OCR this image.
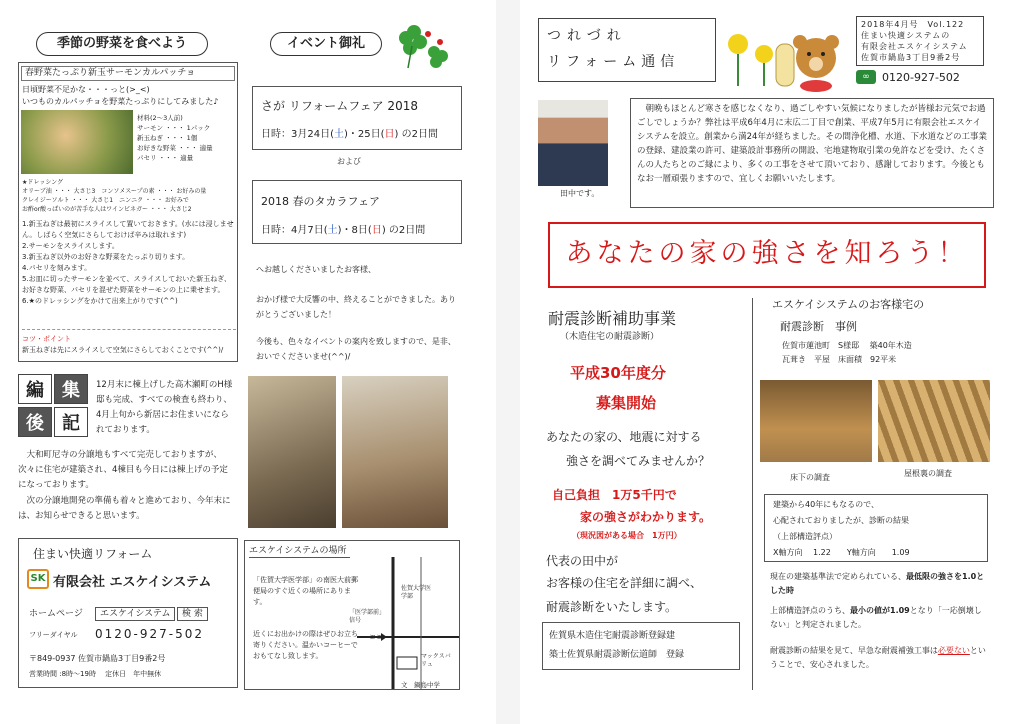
季節の野菜を食べよう
春野菜たっぷり新玉サーモンカルパッチョ
日頃野菜不足かな・・・っと(>_<)
いつものカルパッチョを野菜たっぷりにしてみました♪
材料(2〜3人前)
サーモン ・・・ 1パック
新玉ねぎ ・・・ 1個
お好きな野菜 ・・・ 適量
パセリ ・・・ 適量
★ドレッシング
オリーブ油 ・・・ 大さじ3　コンソメスープの素 ・・・ お好みの量
クレイジーソルト ・・・ 大さじ1　ニンニク ・・・ お好みで
お酢or酸っぱいのが苦手な人はワインビネガー ・・・ 大さじ2
1.新玉ねぎは最初にスライスして置いておきます。(水には浸しません。しばらく空気にさらしておけば辛みは取れます)
2.サーモンをスライスします。
3.新玉ねぎ以外のお好きな野菜をたっぷり切ります。
4.パセリを刻みます。
5.お皿に切ったサーモンを並べて、スライスしておいた新玉ねぎ、お好きな野菜、パセリを混ぜた野菜をサーモンの上に乗せます。
6.★のドレッシングをかけて出来上がりです(^^)
コツ・ポイント
新玉ねぎは先にスライスして空気にさらしておくことです(^^)/
編	集
後	記
12月末に棟上げした高木瀬町のH様邸も完成、すべての検査も終わり、4月上旬から新居にお住まいになられております。
大和町尼寺の分譲地もすべて完売しておりますが、次々に住宅が建築され、4棟目も今日には棟上げの予定になっております。
次の分譲地開発の準備も着々と進めており、今年末には、お知らせできると思います。
住まい快適リフォーム
SK 有限会社 エスケイシステム
ホームページ	エスケイシステム	検 索
フリーダイヤル 0120-927-502
〒849-0937 佐賀市鍋島3丁目9番2号
営業時間 :8時〜19時　 定休日　年中無休
イベント御礼
さが リフォームフェア 2018
日時：3月24日(土)・25日(日) の2日間
および
2018 春のタカラフェア
日時：4月7日(土)・8日(日) の2日間
へお越しくださいましたお客様、
おかげ様で大反響の中、終えることができました。ありがとうございました！
今後も、色々なイベントの案内を致しますので、是非、おいでくださいませ(^^)/
エスケイシステムの場所
「佐賀大学医学部」の南医大前郵便局のすぐ近くの場所にあります。
近くにお出かけの際はぜひお立ち寄りください。温かいコーヒーでおもてなし致します。
佐賀大学医学部
「医学部前」信号
ココ
マックスバリュ
文　鍋島中学
つれづれ
リフォーム通信
2018年4月号　Vol.122
住まい快適システムの
有限会社エスケイシステム
佐賀市鍋島3丁目9番2号
∞	0120-927-502
田中です。
朝晩もほとんど寒さを感じなくなり、過ごしやすい気候になりましたが皆様お元気でお過ごしでしょうか？弊社は平成6年4月に末広二丁目で創業、平成7年5月に有限会社エスケイシステムを設立。創業から満24年が経ちました。その間浄化槽、水道、下水道などの工事業の登録、建設業の許可、建築設計事務所の開設、宅地建物取引業の免許などを受け、たくさんの人たちとのご縁により、多くの工事をさせて頂いており、感謝しております。今後ともなお一層頑張りますので、宜しくお願いいたします。
あなたの家の強さを知ろう！
耐震診断補助事業
（木造住宅の耐震診断）
平成30年度分
募集開始
あなたの家の、地震に対する
強さを調べてみませんか？
自己負担　1万5千円で
家の強さがわかります。
（現況図がある場合　1万円）
代表の田中が
お客様の住宅を詳細に調べ、
耐震診断をいたします。
佐賀県木造住宅耐震診断登録建
築士佐賀県耐震診断伝道師　登録
エスケイシステムのお客様宅の
耐震診断　事例
佐賀市蓮池町　S様邸　 築40年木造
瓦葺き　平屋　床面積　92平米
床下の調査	屋根裏の調査
建築から40年にもなるので、
心配されておりましたが、診断の結果
（上部構造評点）
X軸方向　 1.22　　Y軸方向　　1.09
現在の建築基準法で定められている、最低限の強さを1.0とした時
上部構造評点のうち、最小の値が1.09となり「一応倒壊しない」と判定されました。
耐震診断の結果を見て、早急な耐震補強工事は必要ないということで、安心されました。
